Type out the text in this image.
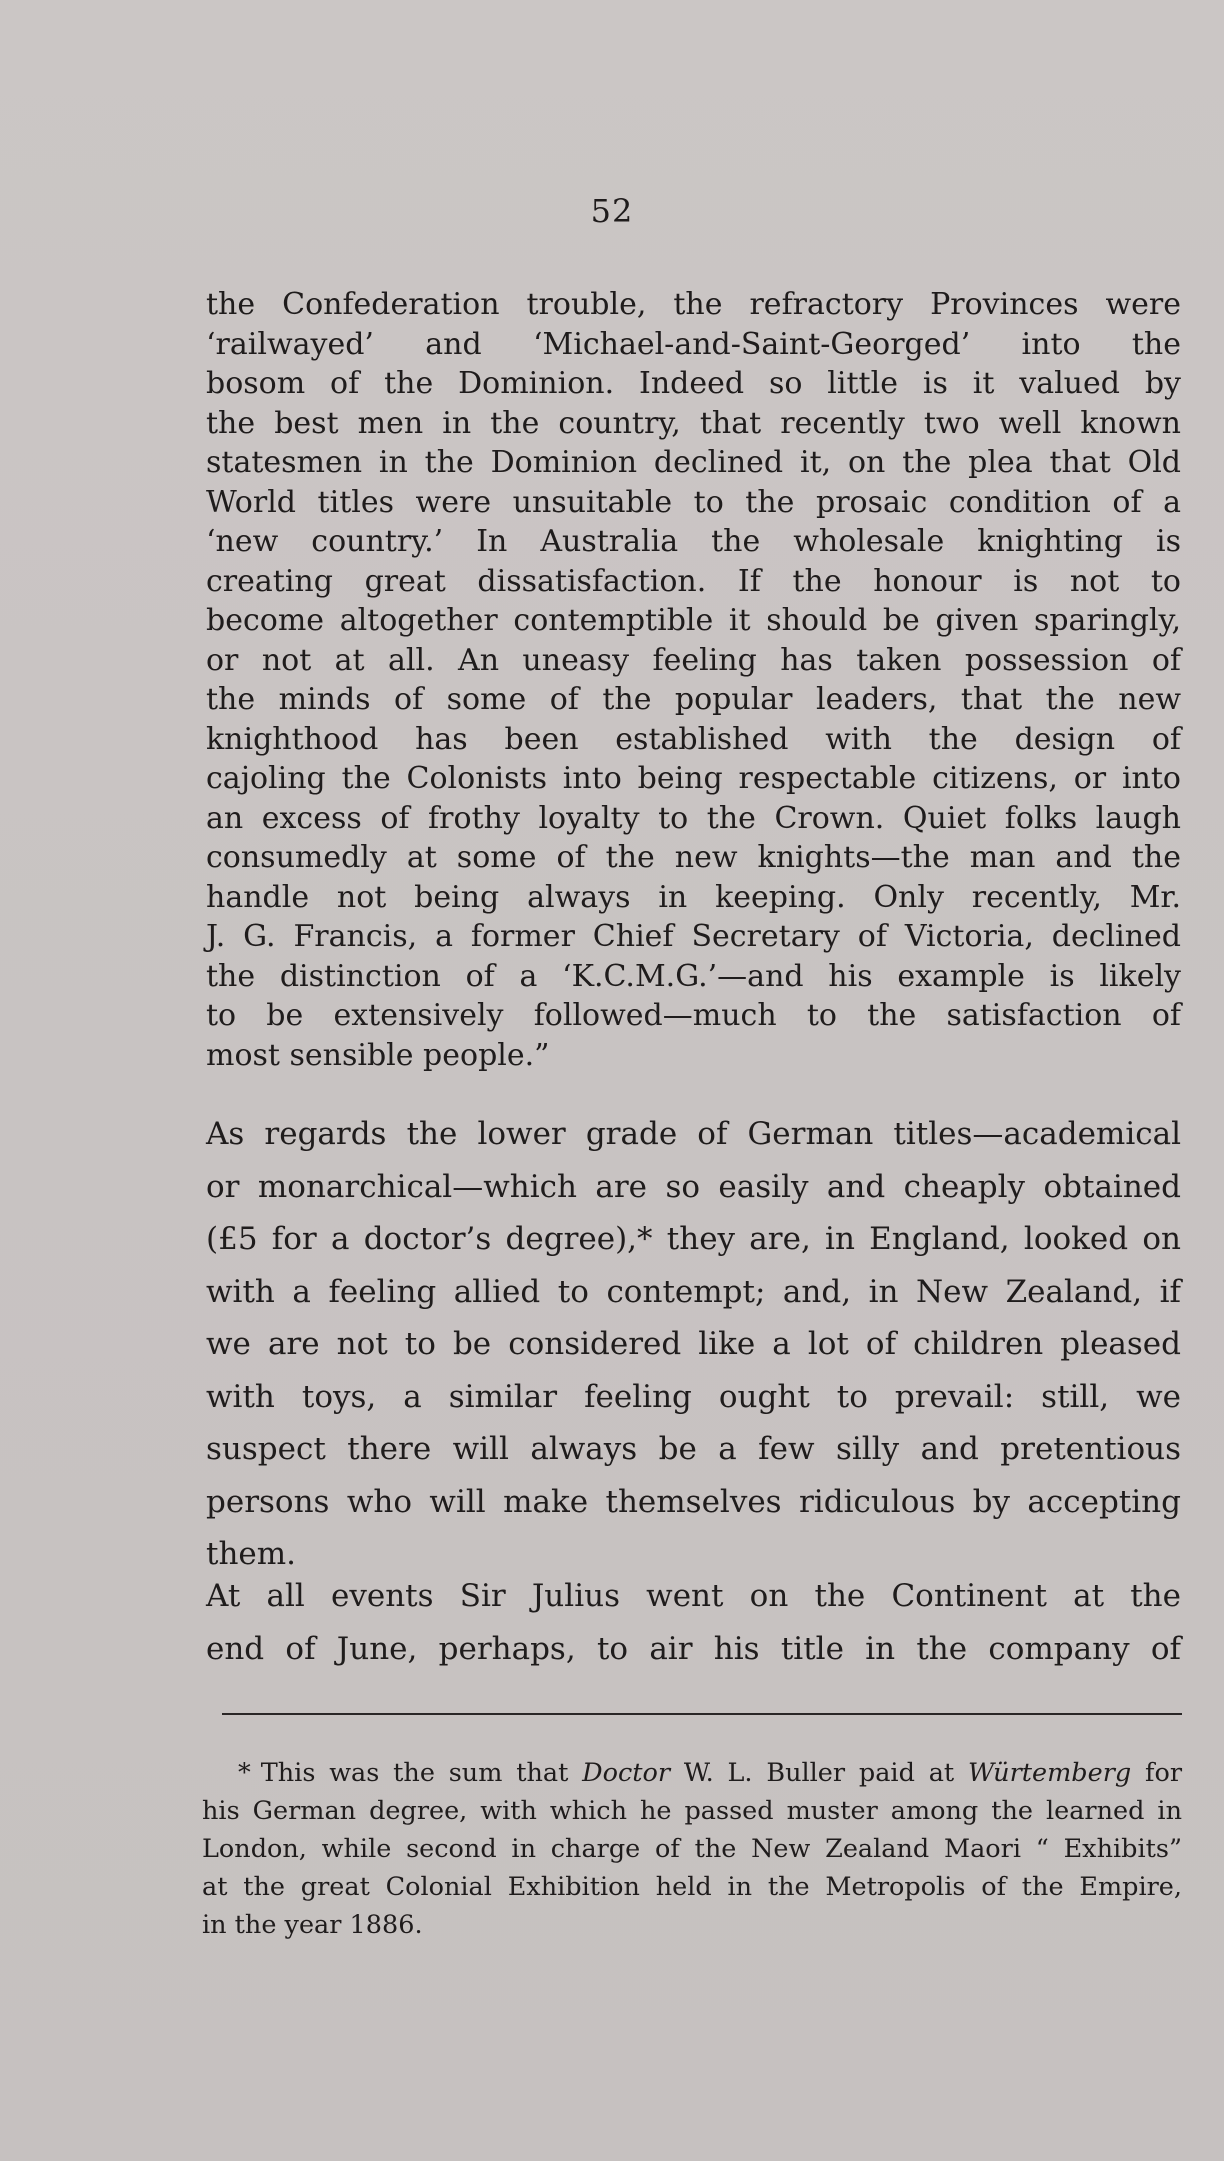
52
the Confederation trouble, the refractory Provinces were
‘railwayed’ and ‘Michael-and-Saint-Georged’ into the
bosom of the Dominion. Indeed so little is it valued by
the best men in the country, that recently two well known
statesmen in the Dominion declined it, on the plea that Old
World titles were unsuitable to the prosaic condition of a
‘new country.’ In Australia the wholesale knighting is
creating great dissatisfaction. If the honour is not to
become altogether contemptible it should be given sparingly,
or not at all. An uneasy feeling has taken possession of
the minds of some of the popular leaders, that the new
knighthood has been established with the design of
cajoling the Colonists into being respectable citizens, or into
an excess of frothy loyalty to the Crown. Quiet folks laugh
consumedly at some of the new knights—the man and the
handle not being always in keeping. Only recently, Mr.
J. G. Francis, a former Chief Secretary of Victoria, declined
the distinction of a ‘K.C.M.G.’—and his example is likely
to be extensively followed—much to the satisfaction of
most sensible people.”
As regards the lower grade of German titles—academical
or monarchical—which are so easily and cheaply obtained
(£5 for a doctor’s degree),* they are, in England, looked on
with a feeling allied to contempt; and, in New Zealand, if
we are not to be considered like a lot of children pleased
with toys, a similar feeling ought to prevail: still, we
suspect there will always be a few silly and pretentious
persons who will make themselves ridiculous by accepting
them.
At all events Sir Julius went on the Continent at the
end of June, perhaps, to air his title in the company of
* This was the sum that Doctor W. L. Buller paid at Würtemberg for
his German degree, with which he passed muster among the learned in
London, while second in charge of the New Zealand Maori “ Exhibits”
at the great Colonial Exhibition held in the Metropolis of the Empire,
in the year 1886.
